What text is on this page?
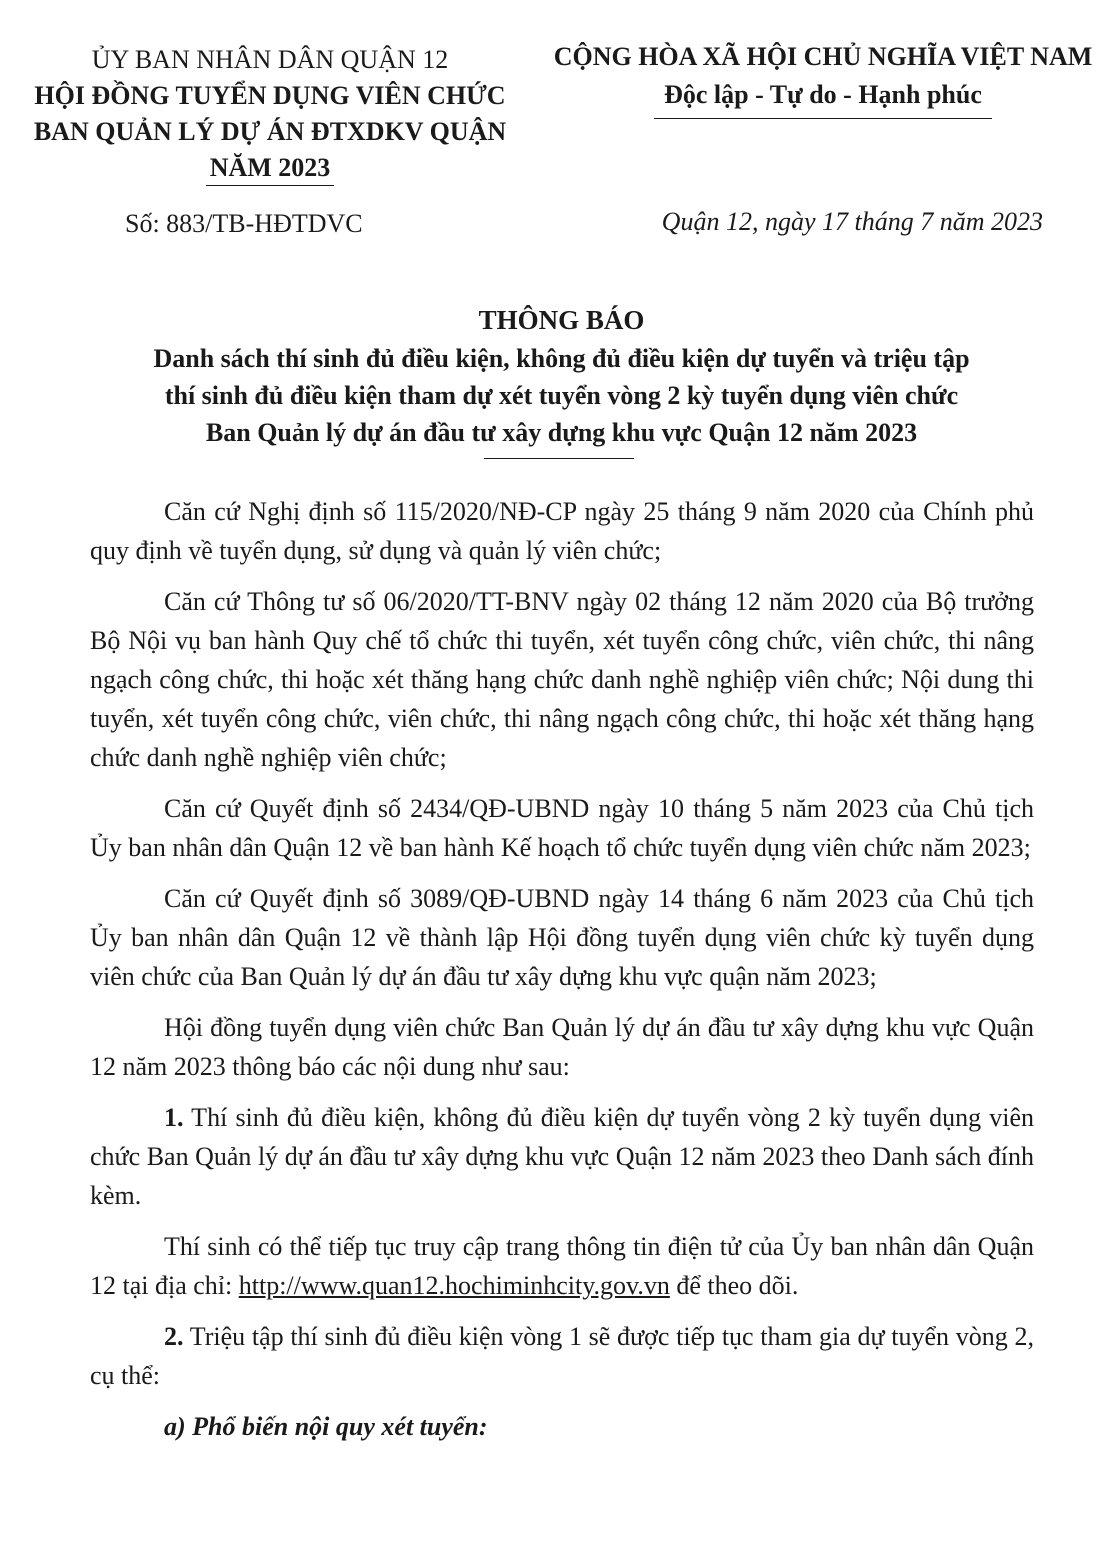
ỦY BAN NHÂN DÂN QUẬN 12
HỘI ĐỒNG TUYỂN DỤNG VIÊN CHỨC
BAN QUẢN LÝ DỰ ÁN ĐTXDKV QUẬN
NĂM 2023
CỘNG HÒA XÃ HỘI CHỦ NGHĨA VIỆT NAM
Độc lập - Tự do - Hạnh phúc
Số: 883/TB-HĐTDVC	Quận 12, ngày 17 tháng 7 năm 2023
THÔNG BÁO
Danh sách thí sinh đủ điều kiện, không đủ điều kiện dự tuyển và triệu tập
thí sinh đủ điều kiện tham dự xét tuyển vòng 2 kỳ tuyển dụng viên chức
Ban Quản lý dự án đầu tư xây dựng khu vực Quận 12 năm 2023

Căn cứ Nghị định số 115/2020/NĐ-CP ngày 25 tháng 9 năm 2020 của Chính phủ quy định về tuyển dụng, sử dụng và quản lý viên chức;

Căn cứ Thông tư số 06/2020/TT-BNV ngày 02 tháng 12 năm 2020 của Bộ trưởng Bộ Nội vụ ban hành Quy chế tổ chức thi tuyển, xét tuyển công chức, viên chức, thi nâng ngạch công chức, thi hoặc xét thăng hạng chức danh nghề nghiệp viên chức; Nội dung thi tuyển, xét tuyển công chức, viên chức, thi nâng ngạch công chức, thi hoặc xét thăng hạng chức danh nghề nghiệp viên chức;

Căn cứ Quyết định số 2434/QĐ-UBND ngày 10 tháng 5 năm 2023 của Chủ tịch Ủy ban nhân dân Quận 12 về ban hành Kế hoạch tổ chức tuyển dụng viên chức năm 2023;

Căn cứ Quyết định số 3089/QĐ-UBND ngày 14 tháng 6 năm 2023 của Chủ tịch Ủy ban nhân dân Quận 12 về thành lập Hội đồng tuyển dụng viên chức kỳ tuyển dụng viên chức của Ban Quản lý dự án đầu tư xây dựng khu vực quận năm 2023;

Hội đồng tuyển dụng viên chức Ban Quản lý dự án đầu tư xây dựng khu vực Quận 12 năm 2023 thông báo các nội dung như sau:

1. Thí sinh đủ điều kiện, không đủ điều kiện dự tuyển vòng 2 kỳ tuyển dụng viên chức Ban Quản lý dự án đầu tư xây dựng khu vực Quận 12 năm 2023 theo Danh sách đính kèm.

Thí sinh có thể tiếp tục truy cập trang thông tin điện tử của Ủy ban nhân dân Quận 12 tại địa chỉ: http://www.quan12.hochiminhcity.gov.vn để theo dõi.

2. Triệu tập thí sinh đủ điều kiện vòng 1 sẽ được tiếp tục tham gia dự tuyển vòng 2, cụ thể:

a) Phổ biến nội quy xét tuyển:
